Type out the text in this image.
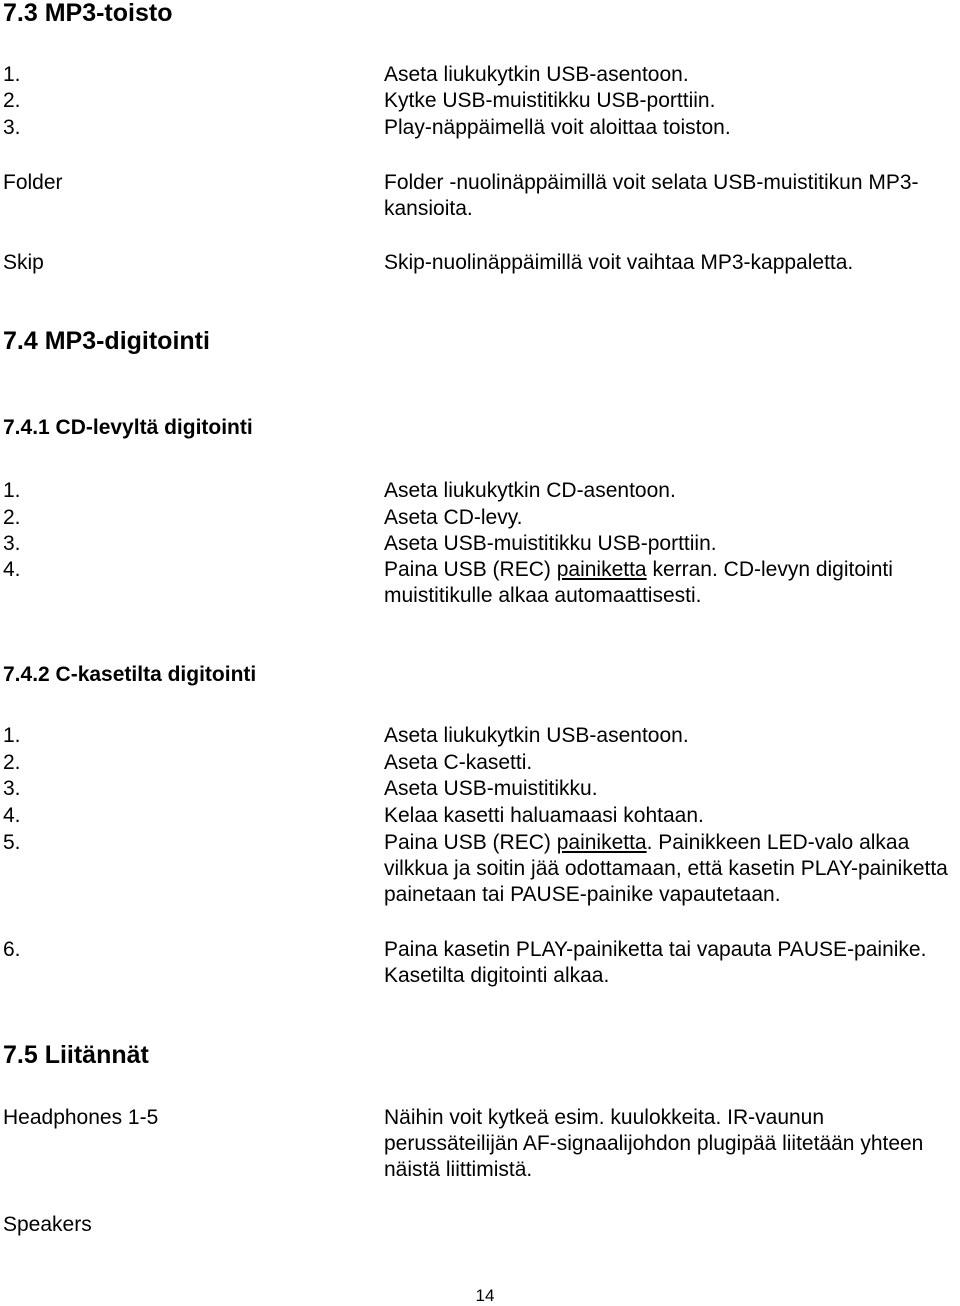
7.3 MP3-toisto
1.	Aseta liukukytkin USB-asentoon.
2.	Kytke USB-muistitikku USB-porttiin.
3.	Play-näppäimellä voit aloittaa toiston.
Folder	Folder -nuolinäppäimillä voit selata USB-muistitikun MP3-kansioita.
Skip	Skip-nuolinäppäimillä voit vaihtaa MP3-kappaletta.
7.4 MP3-digitointi
7.4.1 CD-levyltä digitointi
1.	Aseta liukukytkin CD-asentoon.
2.	Aseta CD-levy.
3.	Aseta USB-muistitikku USB-porttiin.
4.	Paina USB (REC) painiketta kerran. CD-levyn digitointi muistitikulle alkaa automaattisesti.
7.4.2 C-kasetilta digitointi
1.	Aseta liukukytkin USB-asentoon.
2.	Aseta C-kasetti.
3.	Aseta USB-muistitikku.
4.	Kelaa kasetti haluamaasi kohtaan.
5.	Paina USB (REC) painiketta. Painikkeen LED-valo alkaa vilkkua ja soitin jää odottamaan, että kasetin PLAY-painiketta painetaan tai PAUSE-painike vapautetaan.
6.	Paina kasetin PLAY-painiketta tai vapauta PAUSE-painike. Kasetilta digitointi alkaa.
7.5 Liitännät
Headphones 1-5	Näihin voit kytkeä esim. kuulokkeita. IR-vaunun perussäteilijän AF-signaalijohdon plugipää liitetään yhteen näistä liittimistä.
Speakers
14
